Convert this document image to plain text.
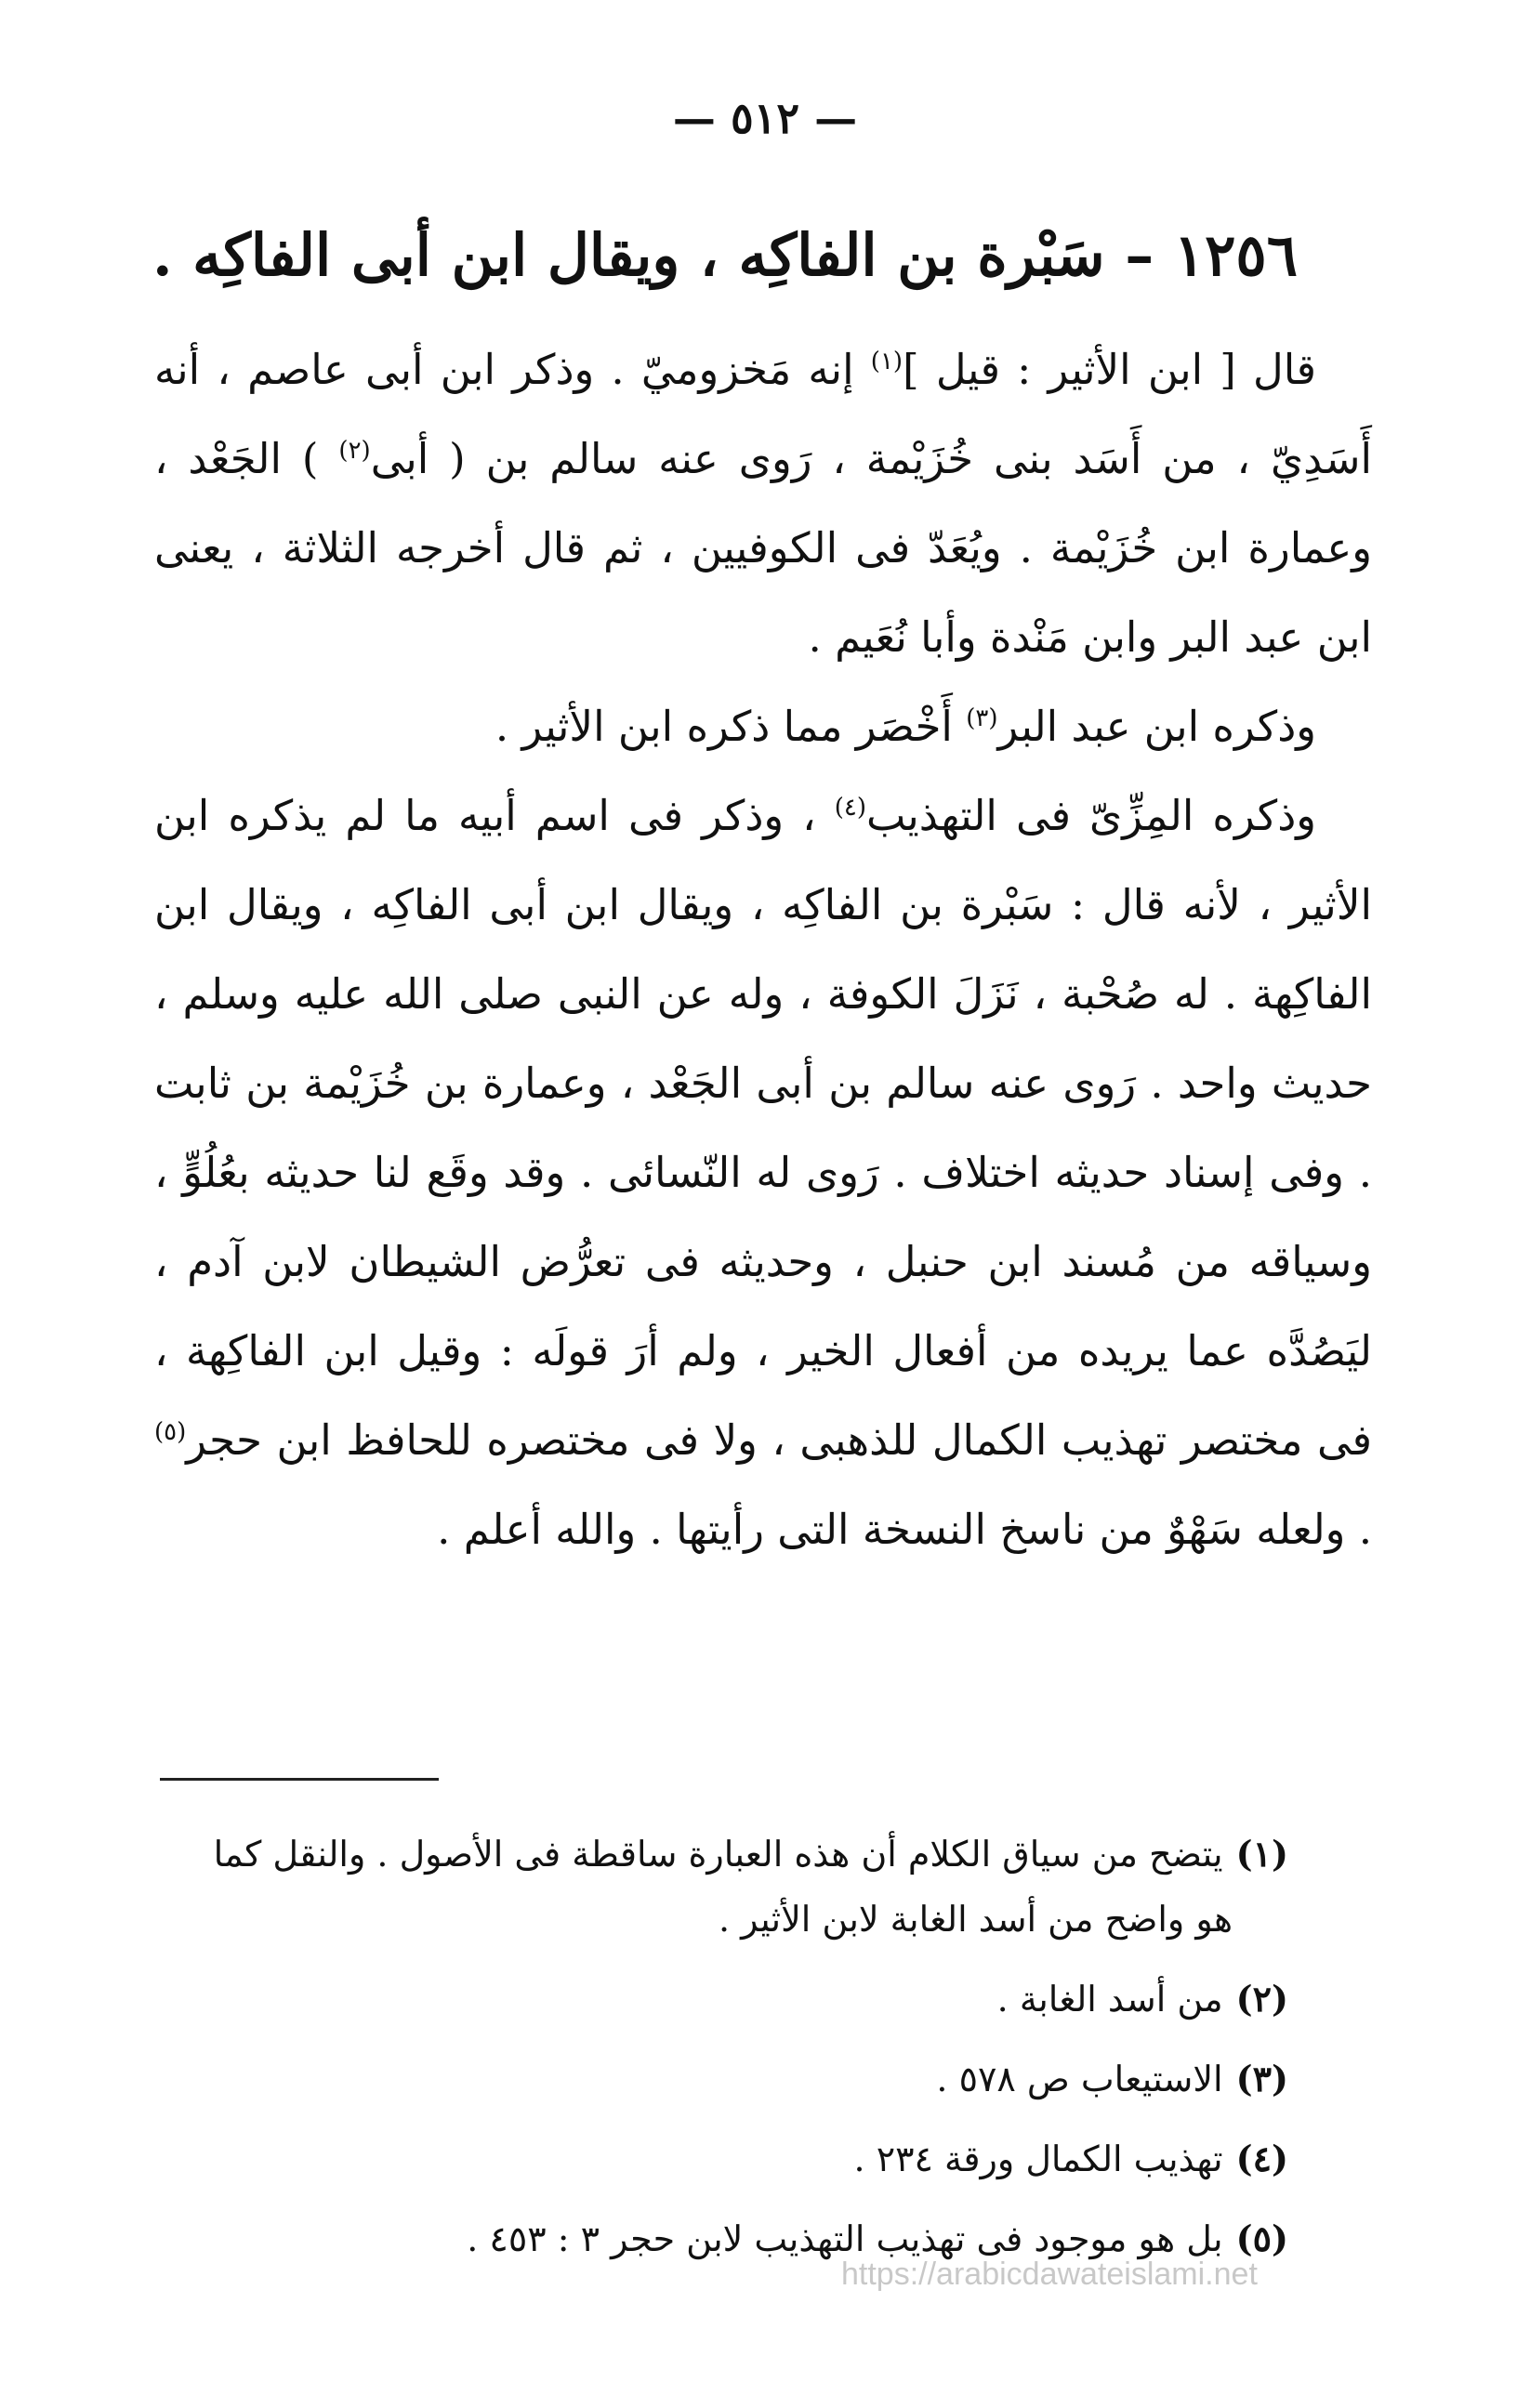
— ٥١٢ —
١٢٥٦ – سَبْرة بن الفاكِه ، ويقال ابن أبى الفاكِه .

قال [ ابن الأثير : قيل ]$^{(١)}$ إنه مَخزوميّ . وذكر ابن أبى عاصم ، أنه أَسَدِيّ ، من أَسَد بنى خُزَيْمة ، رَوى عنه سالم بن ( أبى$^{(٢)}$ ) الجَعْد ، وعمارة ابن خُزَيْمة . ويُعَدّ فى الكوفيين ، ثم قال أخرجه الثلاثة ، يعنى ابن عبد البر وابن مَنْدة وأبا نُعَيم .

وذكره ابن عبد البر$^{(٣)}$ أَخْصَر مما ذكره ابن الأثير .

وذكره المِزِّىّ فى التهذيب$^{(٤)}$ ، وذكر فى اسم أبيه ما لم يذكره ابن الأثير ، لأنه قال : سَبْرة بن الفاكِه ، ويقال ابن أبى الفاكِه ، ويقال ابن الفاكِهة . له صُحْبة ، نَزَلَ الكوفة ، وله عن النبى صلى الله عليه وسلم ، حديث واحد . رَوى عنه سالم بن أبى الجَعْد ، وعمارة بن خُزَيْمة بن ثابت . وفى إسناد حديثه اختلاف . رَوى له النّسائى . وقد وقَع لنا حديثه بعُلُوٍّ ، وسياقه من مُسند ابن حنبل ، وحديثه فى تعرُّض الشيطان لابن آدم ، ليَصُدَّه عما يريده من أفعال الخير ، ولم أرَ قولَه : وقيل ابن الفاكِهة ، فى مختصر تهذيب الكمال للذهبى ، ولا فى مختصره للحافظ ابن حجر$^{(٥)}$ . ولعله سَهْوٌ من ناسخ النسخة التى رأيتها . والله أعلم .

(١)يتضح من سياق الكلام أن هذه العبارة ساقطة فى الأصول . والنقل كما
هو واضح من أسد الغابة لابن الأثير .
(٢)من أسد الغابة .
(٣)الاستيعاب ص ٥٧٨ .
(٤)تهذيب الكمال ورقة ٢٣٤ .
(٥)بل هو موجود فى تهذيب التهذيب لابن حجر ٣ : ٤٥٣ .
https://arabicdawateislami.net
